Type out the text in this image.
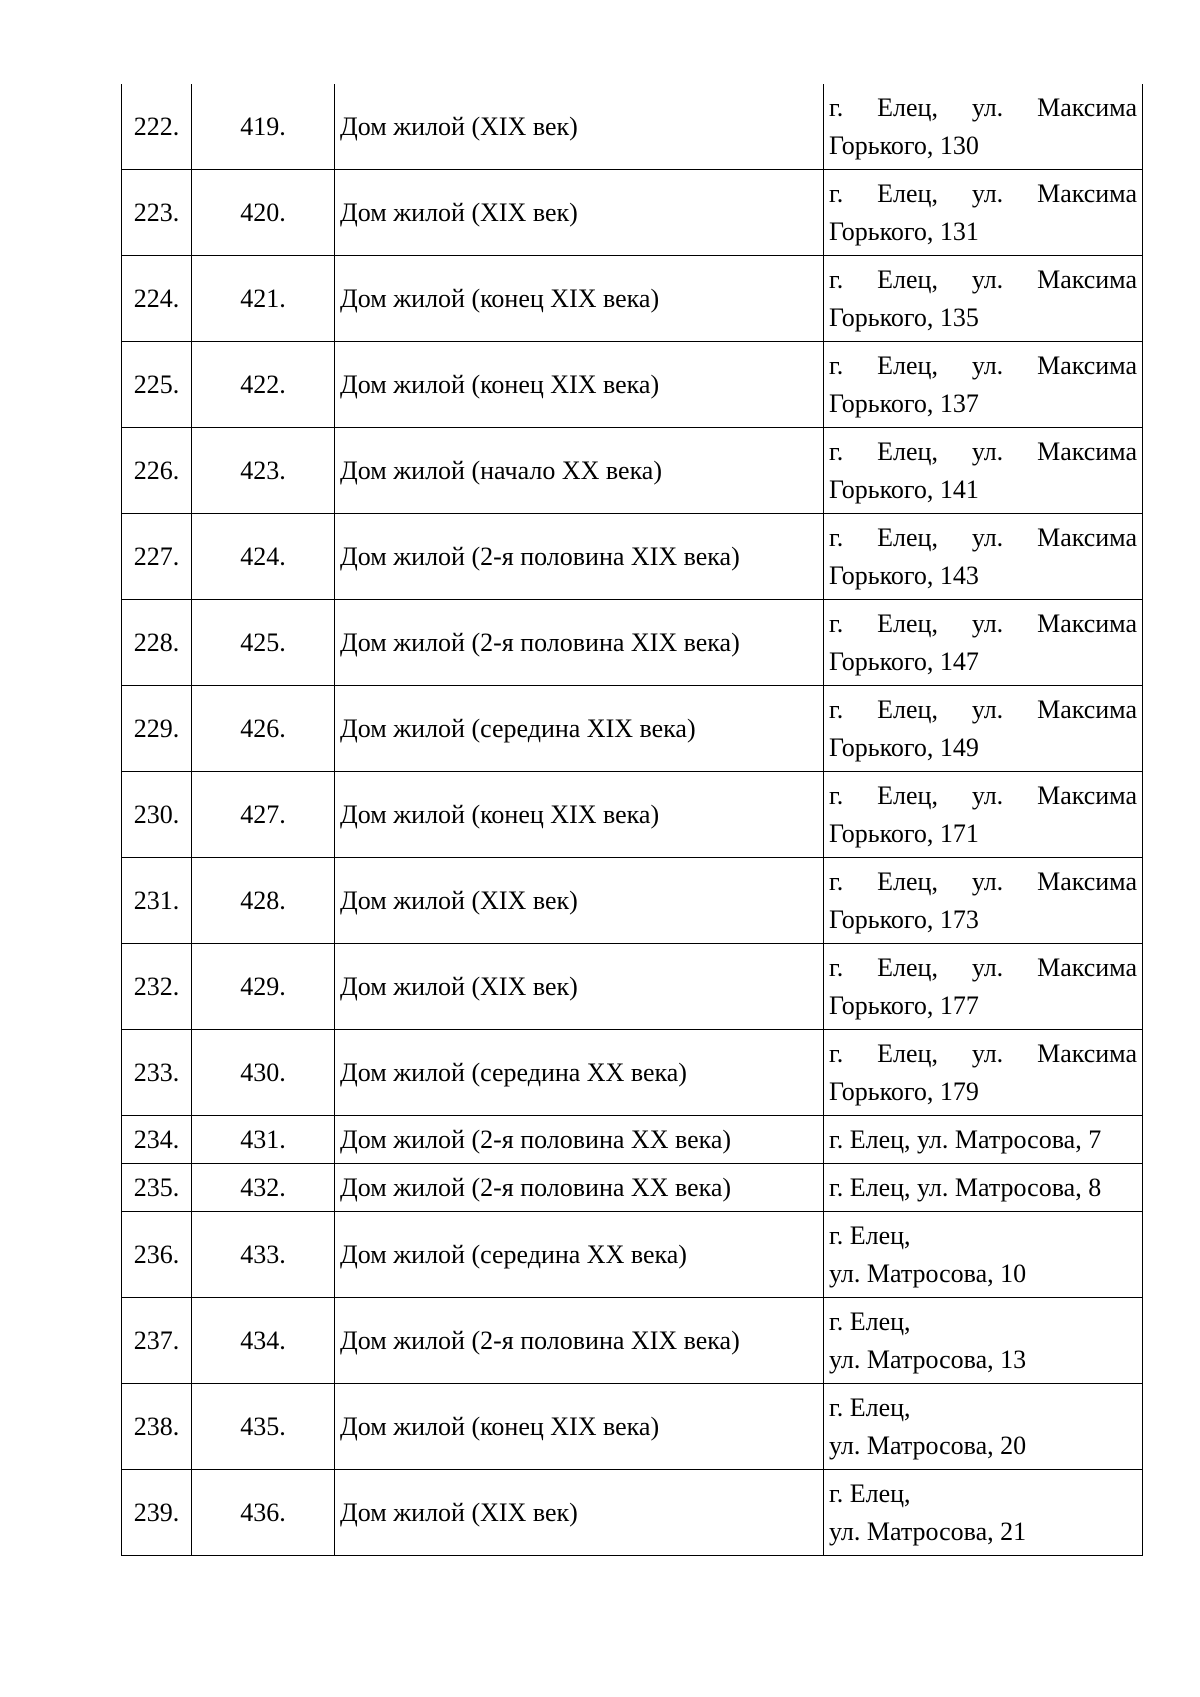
222.	419.	Дом жилой (XIX век)	г. Елец, ул. Максима
Горького, 130

223.	420.	Дом жилой (XIX век)	г. Елец, ул. Максима
Горького, 131

224.	421.	Дом жилой (конец XIX века)	г. Елец, ул. Максима
Горького, 135

225.	422.	Дом жилой (конец XIX века)	г. Елец, ул. Максима
Горького, 137

226.	423.	Дом жилой (начало XX века)	г. Елец, ул. Максима
Горького, 141

227.	424.	Дом жилой (2-я половина XIX века)	г. Елец, ул. Максима
Горького, 143

228.	425.	Дом жилой (2-я половина XIX века)	г. Елец, ул. Максима
Горького, 147

229.	426.	Дом жилой (середина XIX века)	г. Елец, ул. Максима
Горького, 149

230.	427.	Дом жилой (конец XIX века)	г. Елец, ул. Максима
Горького, 171

231.	428.	Дом жилой (XIX век)	г. Елец, ул. Максима
Горького, 173

232.	429.	Дом жилой (XIX век)	г. Елец, ул. Максима
Горького, 177

233.	430.	Дом жилой (середина XX века)	г. Елец, ул. Максима
Горького, 179

234.	431.	Дом жилой (2-я половина XX века)	г. Елец, ул. Матросова, 7
235.	432.	Дом жилой (2-я половина XX века)	г. Елец, ул. Матросова, 8
236.	433.	Дом жилой (середина XX века)	г. Елец,
ул. Матросова, 10

237.	434.	Дом жилой (2-я половина XIX века)	г. Елец,
ул. Матросова, 13

238.	435.	Дом жилой (конец XIX века)	г. Елец,
ул. Матросова, 20

239.	436.	Дом жилой (XIX век)	г. Елец,
ул. Матросова, 21
